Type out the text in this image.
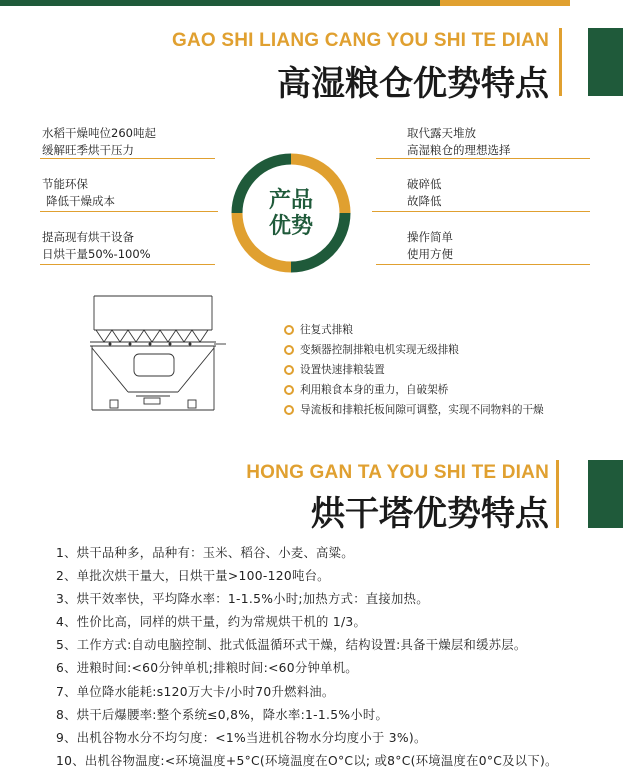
GAO SHI LIANG CANG YOU SHI TE DIAN
高湿粮仓优势特点
水稻干燥吨位260吨起
缓解旺季烘干压力
节能环保
降低干燥成本
提高现有烘干设备
日烘干量50%-100%
取代露天堆放
高湿粮仓的理想选择
破碎低
故降低
操作简单
使用方便
产品
优势
往复式排粮
变频器控制排粮电机实现无级排粮
设置快速排粮装置
利用粮食本身的重力，自破架桥
导流板和排粮托板间隙可调整，实现不同物料的干燥
HONG GAN TA YOU SHI TE DIAN
烘干塔优势特点
1、烘干品种多，品种有：玉米、稻谷、小麦、高粱。
2、单批次烘干量大，日烘干量>100-120吨台。
3、烘干效率快，平均降水率：1-1.5%小时;加热方式：直接加热。
4、性价比高，同样的烘干量，约为常规烘干机的 1/3。
5、工作方式:自动电脑控制、批式低温循环式干燥，结构设置:具备干燥层和缓苏层。
6、进粮时间:<60分钟单机;排粮时间:<60分钟单机。
7、单位降水能耗:s120万大卡/小时70升燃料油。
8、烘干后爆腰率:整个系统≤0,8%，降水率:1-1.5%小时。
9、出机谷物水分不均匀度：<1%当进机谷物水分均度小于 3%)。
10、出机谷物温度:<环境温度+5°C(环境温度在O°C以; 或8°C(环境温度在0°C及以下)。
